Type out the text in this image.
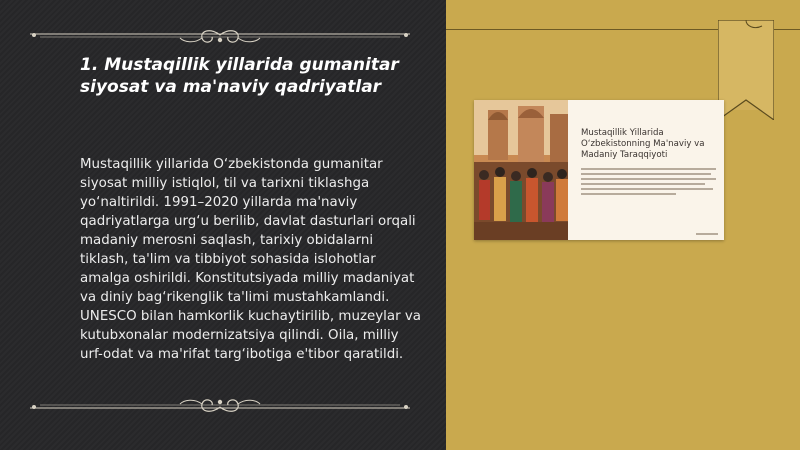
1. Mustaqillik yillarida gumanitar siyosat va ma'naviy qadriyatlar

Mustaqillik yillarida O‘zbekistonda gumanitar siyosat milliy istiqlol, til va tarixni tiklashga yo‘naltirildi. 1991–2020 yillarda ma'naviy qadriyatlarga urg‘u berilib, davlat dasturlari orqali madaniy merosni saqlash, tarixiy obidalarni tiklash, ta'lim va tibbiyot sohasida islohotlar amalga oshirildi. Konstitutsiyada milliy madaniyat va diniy bag‘rikenglik ta'limi mustahkamlandi. UNESCO bilan hamkorlik kuchaytirilib, muzeylar va kutubxonalar modernizatsiya qilindi. Oila, milliy urf-odat va ma'rifat targ‘ibotiga e'tibor qaratildi.

Mustaqillik Yillarida O‘zbekistonning Ma'naviy va Madaniy Taraqqiyoti
